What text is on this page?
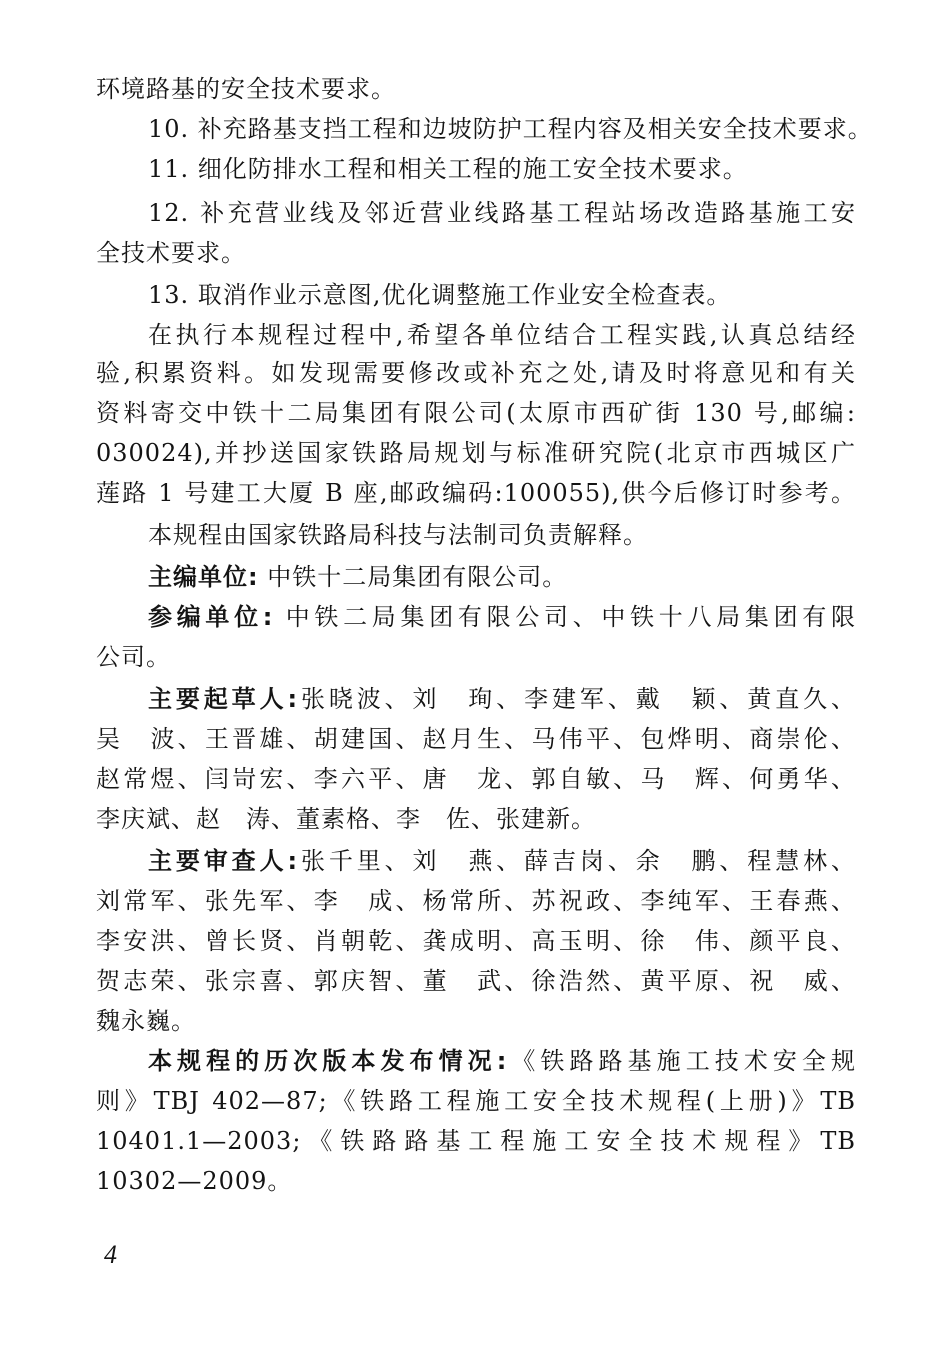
环境路基的安全技术要求。
10. 补充路基支挡工程和边坡防护工程内容及相关安全技术要求。
11. 细化防排水工程和相关工程的施工安全技术要求。
12. 补充营业线及邻近营业线路基工程站场改造路基施工安
全技术要求。
13. 取消作业示意图,优化调整施工作业安全检查表。
在执行本规程过程中,希望各单位结合工程实践,认真总结经
验,积累资料。如发现需要修改或补充之处,请及时将意见和有关
资料寄交中铁十二局集团有限公司(太原市西矿街 130 号,邮编:
030024),并抄送国家铁路局规划与标准研究院(北京市西城区广
莲路 1 号建工大厦 B 座,邮政编码:100055),供今后修订时参考。
本规程由国家铁路局科技与法制司负责解释。
主编单位: 中铁十二局集团有限公司。
参编单位: 中铁二局集团有限公司、中铁十八局集团有限
公司。
主要起草人:张晓波、刘　珣、李建军、戴　颖、黄直久、
吴　波、王晋雄、胡建国、赵月生、马伟平、包烨明、商崇伦、
赵常煜、闫岢宏、李六平、唐　龙、郭自敏、马　辉、何勇华、
李庆斌、赵　涛、董素格、李　佐、张建新。
主要审查人:张千里、刘　燕、薛吉岗、余　鹏、程慧林、
刘常军、张先军、李　成、杨常所、苏祝政、李纯军、王春燕、
李安洪、曾长贤、肖朝乾、龚成明、高玉明、徐　伟、颜平良、
贺志荣、张宗喜、郭庆智、董　武、徐浩然、黄平原、祝　威、
魏永巍。
本规程的历次版本发布情况:《铁路路基施工技术安全规
则》TBJ 402—87;《铁路工程施工安全技术规程(上册)》TB
10401.1—2003;《铁路路基工程施工安全技术规程》TB
10302—2009。
4
